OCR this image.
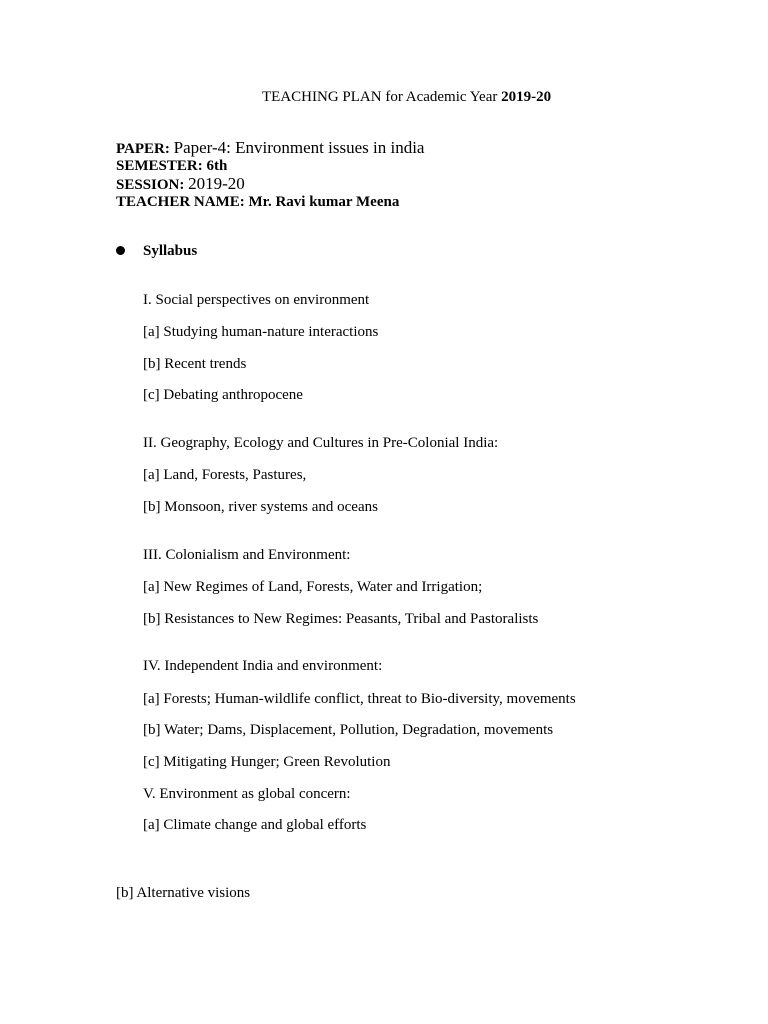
TEACHING PLAN for Academic Year 2019-20
PAPER: Paper-4: Environment issues in india
SEMESTER: 6th
SESSION: 2019-20
TEACHER NAME: Mr. Ravi kumar Meena
Syllabus
I. Social perspectives on environment
[a] Studying human-nature interactions
[b] Recent trends
[c] Debating anthropocene
II. Geography, Ecology and Cultures in Pre-Colonial India:
[a] Land, Forests, Pastures,
[b] Monsoon, river systems and oceans
III. Colonialism and Environment:
[a] New Regimes of Land, Forests, Water and Irrigation;
[b] Resistances to New Regimes: Peasants, Tribal and Pastoralists
IV. Independent India and environment:
[a] Forests; Human-wildlife conflict, threat to Bio-diversity, movements
[b] Water; Dams, Displacement, Pollution, Degradation, movements
[c] Mitigating Hunger; Green Revolution
V. Environment as global concern:
[a] Climate change and global efforts
[b] Alternative visions
